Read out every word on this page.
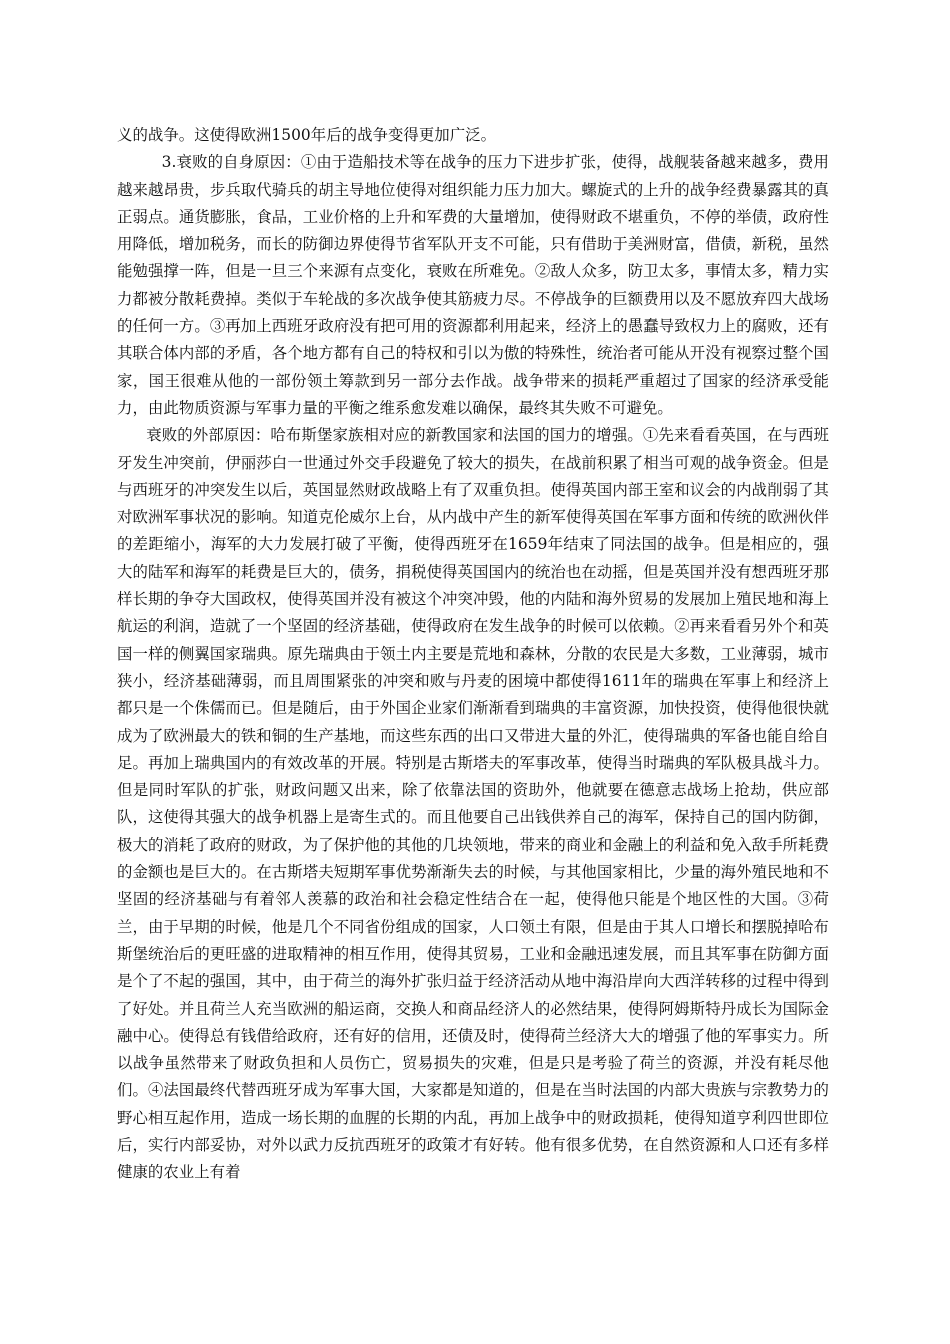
义的战争。这使得欧洲1500年后的战争变得更加广泛。

3.衰败的自身原因：①由于造船技术等在战争的压力下进步扩张，使得，战舰装备越来越多，费用越来越昂贵，步兵取代骑兵的胡主导地位使得对组织能力压力加大。螺旋式的上升的战争经费暴露其的真正弱点。通货膨胀，食品，工业价格的上升和军费的大量增加，使得财政不堪重负，不停的举债，政府性用降低，增加税务，而长的防御边界使得节省军队开支不可能，只有借助于美洲财富，借债，新税，虽然能勉强撑一阵，但是一旦三个来源有点变化，衰败在所难免。②敌人众多，防卫太多，事情太多，精力实力都被分散耗费掉。类似于车轮战的多次战争使其筋疲力尽。不停战争的巨额费用以及不愿放弃四大战场的任何一方。③再加上西班牙政府没有把可用的资源都利用起来，经济上的愚蠢导致权力上的腐败，还有其联合体内部的矛盾，各个地方都有自己的特权和引以为傲的特殊性，统治者可能从开没有视察过整个国家，国王很难从他的一部份领土筹款到另一部分去作战。战争带来的损耗严重超过了国家的经济承受能力，由此物质资源与军事力量的平衡之维系愈发难以确保，最终其失败不可避免。

衰败的外部原因：哈布斯堡家族相对应的新教国家和法国的国力的增强。①先来看看英国，在与西班牙发生冲突前，伊丽莎白一世通过外交手段避免了较大的损失，在战前积累了相当可观的战争资金。但是与西班牙的冲突发生以后，英国显然财政战略上有了双重负担。使得英国内部王室和议会的内战削弱了其对欧洲军事状况的影响。知道克伦威尔上台，从内战中产生的新军使得英国在军事方面和传统的欧洲伙伴的差距缩小，海军的大力发展打破了平衡，使得西班牙在1659年结束了同法国的战争。但是相应的，强大的陆军和海军的耗费是巨大的，债务，捐税使得英国国内的统治也在动摇，但是英国并没有想西班牙那样长期的争夺大国政权，使得英国并没有被这个冲突冲毁，他的内陆和海外贸易的发展加上殖民地和海上航运的利润，造就了一个坚固的经济基础，使得政府在发生战争的时候可以依赖。②再来看看另外个和英国一样的侧翼国家瑞典。原先瑞典由于领土内主要是荒地和森林，分散的农民是大多数，工业薄弱，城市狭小，经济基础薄弱，而且周围紧张的冲突和败与丹麦的困境中都使得1611年的瑞典在军事上和经济上都只是一个侏儒而已。但是随后，由于外国企业家们渐渐看到瑞典的丰富资源，加快投资，使得他很快就成为了欧洲最大的铁和铜的生产基地，而这些东西的出口又带进大量的外汇，使得瑞典的军备也能自给自足。再加上瑞典国内的有效改革的开展。特别是古斯塔夫的军事改革，使得当时瑞典的军队极具战斗力。但是同时军队的扩张，财政问题又出来，除了依靠法国的资助外，他就要在德意志战场上抢劫，供应部队，这使得其强大的战争机器上是寄生式的。而且他要自己出钱供养自己的海军，保持自己的国内防御，极大的消耗了政府的财政，为了保护他的其他的几块领地，带来的商业和金融上的利益和免入敌手所耗费的金额也是巨大的。在古斯塔夫短期军事优势渐渐失去的时候，与其他国家相比，少量的海外殖民地和不坚固的经济基础与有着邻人羡慕的政治和社会稳定性结合在一起，使得他只能是个地区性的大国。③荷兰，由于早期的时候，他是几个不同省份组成的国家，人口领土有限，但是由于其人口增长和摆脱掉哈布斯堡统治后的更旺盛的进取精神的相互作用，使得其贸易，工业和金融迅速发展，而且其军事在防御方面是个了不起的强国，其中，由于荷兰的海外扩张归益于经济活动从地中海沿岸向大西洋转移的过程中得到了好处。并且荷兰人充当欧洲的船运商，交换人和商品经济人的必然结果，使得阿姆斯特丹成长为国际金融中心。使得总有钱借给政府，还有好的信用，还债及时，使得荷兰经济大大的增强了他的军事实力。所以战争虽然带来了财政负担和人员伤亡，贸易损失的灾难，但是只是考验了荷兰的资源，并没有耗尽他们。④法国最终代替西班牙成为军事大国，大家都是知道的，但是在当时法国的内部大贵族与宗教势力的野心相互起作用，造成一场长期的血腥的长期的内乱，再加上战争中的财政损耗，使得知道亨利四世即位后，实行内部妥协，对外以武力反抗西班牙的政策才有好转。他有很多优势，在自然资源和人口还有多样健康的农业上有着
